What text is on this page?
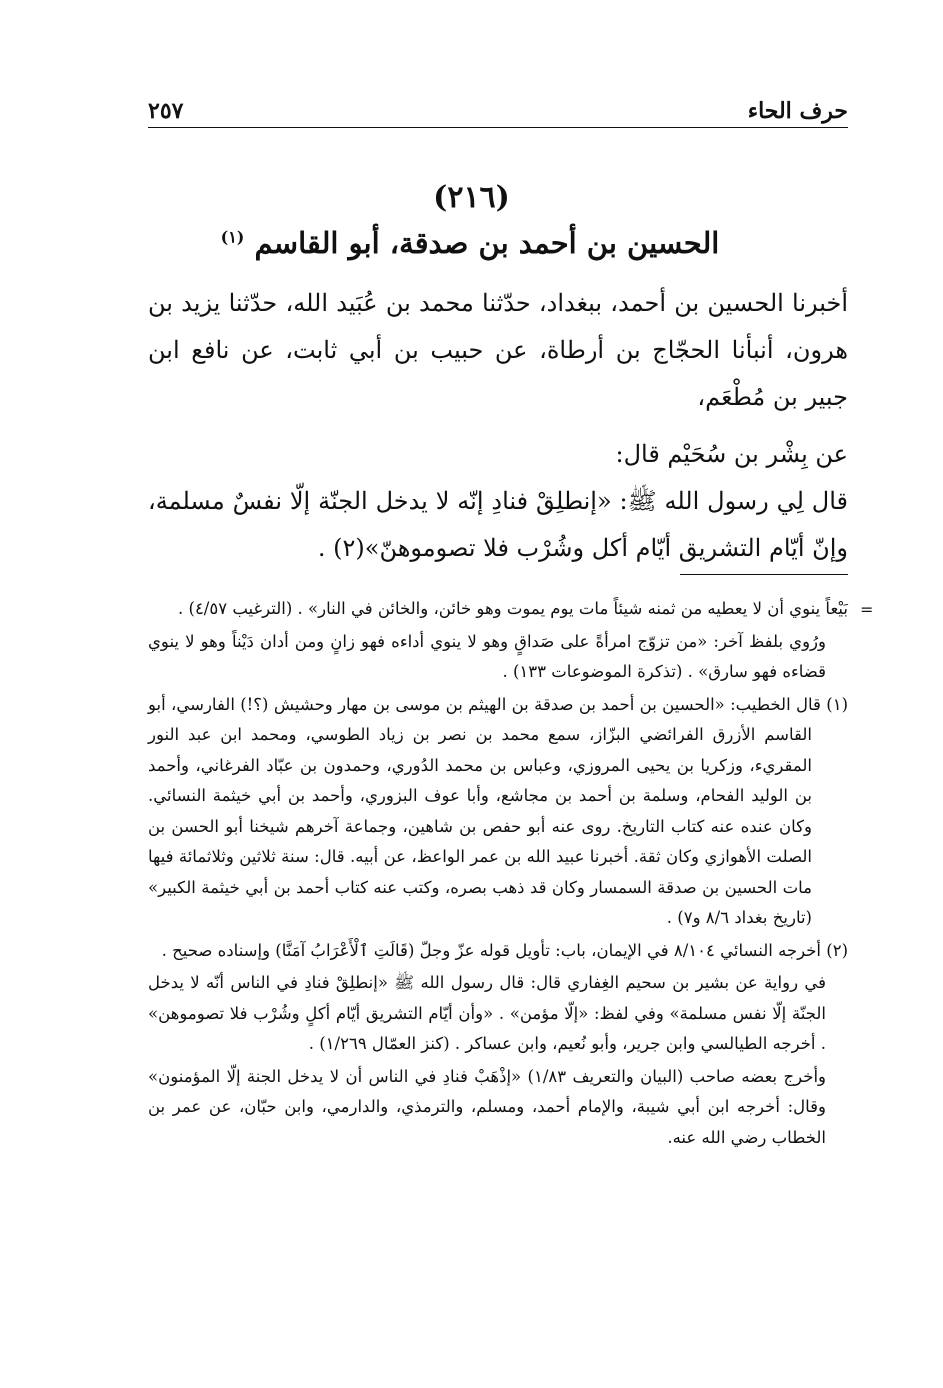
حرف الحاء
٢٥٧
(٢١٦)
الحسين بن أحمد بن صدقة، أبو القاسم $^{(١)}$

أخبرنا الحسين بن أحمد، ببغداد، حدّثنا محمد بن عُبَيد الله، حدّثنا يزيد بن هرون، أنبأنا الحجّاج بن أرطاة، عن حبيب بن أبي ثابت، عن نافع ابن جبير بن مُطْعَم،

عن بِشْر بن سُحَيْم قال:

قال لِي رسول الله ﷺ: «إنطلِقْ فنادِ إنّه لا يدخل الجنّة إلّا نفسٌ مسلمة، وإنّ أيّام التشريق أيّام أكل وشُرْب فلا تصوموهنّ»(٢) .

=

بَيْعاً ينوي أن لا يعطيه من ثمنه شيئاً مات يوم يموت وهو خائن، والخائن في النار» . (الترغيب ٤/٥٧) .

ورُوي بلفظ آخر: «من تزوّج امرأةً على صَداقٍ وهو لا ينوي أداءه فهو زانٍ ومن أدان دَيْناً وهو لا ينوي قضاءه فهو سارق» . (تذكرة الموضوعات ١٣٣) .

(١) قال الخطيب: «الحسين بن أحمد بن صدقة بن الهيثم بن موسى بن مهار وحشيش (؟!) الفارسي، أبو القاسم الأزرق الفرائضي البزّاز، سمع محمد بن نصر بن زياد الطوسي، ومحمد ابن عبد النور المقريء، وزكريا بن يحيى المروزي، وعباس بن محمد الدُوري، وحمدون بن عبّاد الفرغاني، وأحمد بن الوليد الفحام، وسلمة بن أحمد بن مجاشع، وأبا عوف البزوري، وأحمد بن أبي خيثمة النسائي. وكان عنده عنه كتاب التاريخ. روى عنه أبو حفص بن شاهين، وجماعة آخرهم شيخنا أبو الحسن بن الصلت الأهوازي وكان ثقة. أخبرنا عبيد الله بن عمر الواعظ، عن أبيه. قال: سنة ثلاثين وثلاثمائة فيها مات الحسين بن صدقة السمسار وكان قد ذهب بصره، وكتب عنه كتاب أحمد بن أبي خيثمة الكبير» (تاريخ بغداد ٨/٦ و٧) .

(٢) أخرجه النسائي ٨/١٠٤ في الإيمان، باب: تأويل قوله عزّ وجلّ (قَالَتِ ٱلْأَعْرَابُ آمَنَّا) وإسناده صحيح .

في رواية عن بشير بن سحيم الغِفاري قال: قال رسول الله ﷺ «إنطلِقْ فنادِ في الناس أنّه لا يدخل الجنّة إلّا نفس مسلمة» وفي لفظ: «إلّا مؤمن» . «وأن أيّام التشريق أيّام أكلٍ وشُرْب فلا تصوموهن» . أخرجه الطيالسي وابن جرير، وأبو نُعيم، وابن عساكر . (كنز العمّال ١/٢٦٩) .

وأخرج بعضه صاحب (البيان والتعريف ١/٨٣) «إذْهَبْ فنادِ في الناس أن لا يدخل الجنة إلّا المؤمنون» وقال: أخرجه ابن أبي شيبة، والإمام أحمد، ومسلم، والترمذي، والدارمي، وابن حبّان، عن عمر بن الخطاب رضي الله عنه.
